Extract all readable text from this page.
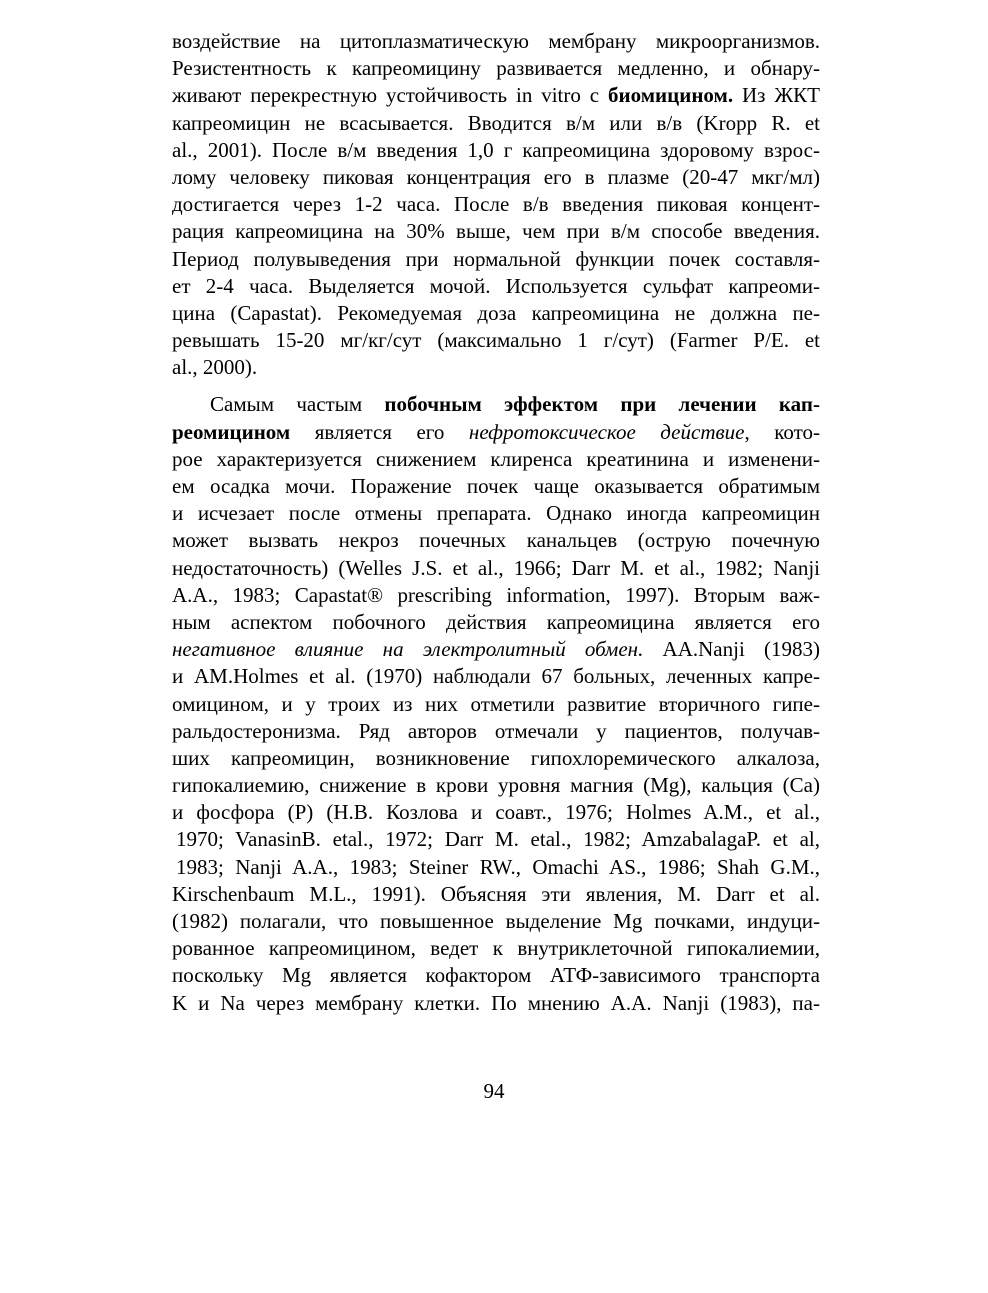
воздействие на цитоплазматическую мембрану микроорганизмов.
Резистентность к капреомицину развивается медленно, и обнару-
живают перекрестную устойчивость in vitro с биомицином. Из ЖКТ
капреомицин не всасывается. Вводится в/м или в/в (Kropp R. et
al., 2001). После в/м введения 1,0 г капреомицина здоровому взрос-
лому человеку пиковая концентрация его в плазме (20-47 мкг/мл)
достигается через 1-2 часа. После в/в введения пиковая концент-
рация капреомицина на 30% выше, чем при в/м способе введения.
Период полувыведения при нормальной функции почек составля-
ет 2-4 часа. Выделяется мочой. Используется сульфат капреоми-
цина (Capastat). Рекомедуемая доза капреомицина не должна пе-
ревышать 15-20 мг/кг/сут (максимально 1 г/сут) (Farmer P/E. et
al., 2000).
Самым частым побочным эффектом при лечении кап-
реомицином является его нефротоксическое действие, кото-
рое характеризуется снижением клиренса креатинина и изменени-
ем осадка мочи. Поражение почек чаще оказывается обратимым
и исчезает после отмены препарата. Однако иногда капреомицин
может вызвать некроз почечных канальцев (острую почечную
недостаточность) (Welles J.S. et al., 1966; Darr M. et al., 1982; Nanji
A.A., 1983; Capastat® prescribing information, 1997). Вторым важ-
ным аспектом побочного действия капреомицина является его
негативное влияние на электролитный обмен. AA.Nanji (1983)
и AM.Holmes et al. (1970) наблюдали 67 больных, леченных капре-
омицином, и у троих из них отметили развитие вторичного гипе-
ральдостеронизма. Ряд авторов отмечали у пациентов, получав-
ших капреомицин, возникновение гипохлоремического алкалоза,
гипокалиемию, снижение в крови уровня магния (Mg), кальция (Ca)
и фосфора (P) (Н.В. Козлова и соавт., 1976; Holmes A.M., et al.,
1970; VanasinB. etal., 1972; Darr M. etal., 1982; AmzabalagaP. et al,
1983; Nanji A.A., 1983; Steiner RW., Omachi AS., 1986; Shah G.M.,
Kirschenbaum M.L., 1991). Объясняя эти явления, M. Darr et al.
(1982) полагали, что повышенное выделение Mg почками, индуци-
рованное капреомицином, ведет к внутриклеточной гипокалиемии,
поскольку Mg является кофактором АТФ-зависимого транспорта
K и Na через мембрану клетки. По мнению A.A. Nanji (1983), па-
94
